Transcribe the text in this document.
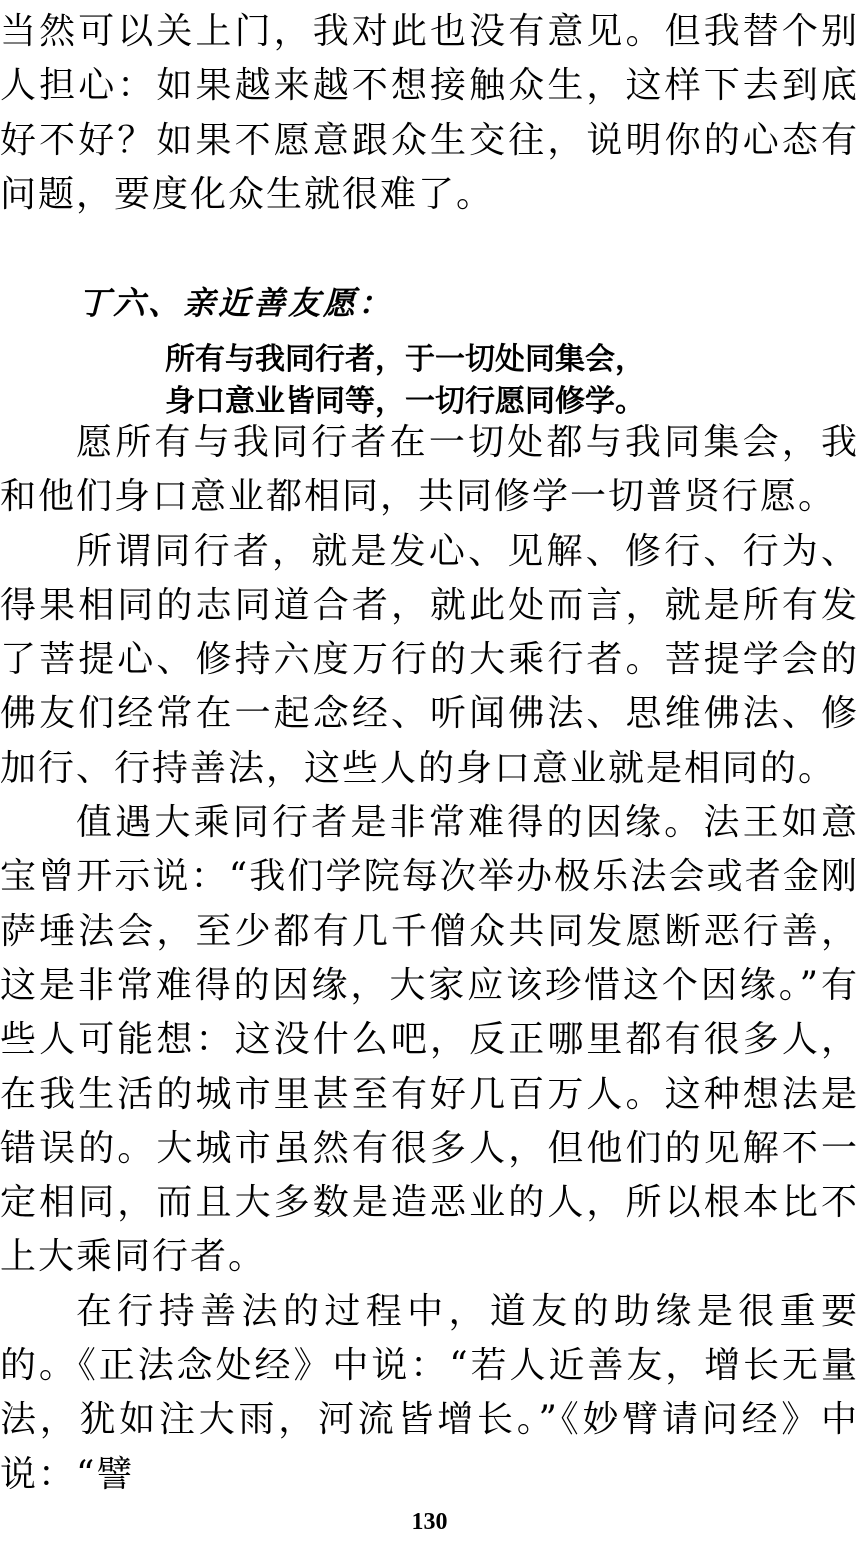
当然可以关上门，我对此也没有意见。但我替个别人担心：如果越来越不想接触众生，这样下去到底好不好？如果不愿意跟众生交往，说明你的心态有问题，要度化众生就很难了。

丁六、亲近善友愿：

所有与我同行者，于一切处同集会，

身口意业皆同等，一切行愿同修学。

愿所有与我同行者在一切处都与我同集会，我和他们身口意业都相同，共同修学一切普贤行愿。

所谓同行者，就是发心、见解、修行、行为、得果相同的志同道合者，就此处而言，就是所有发了菩提心、修持六度万行的大乘行者。菩提学会的佛友们经常在一起念经、听闻佛法、思维佛法、修加行、行持善法，这些人的身口意业就是相同的。

值遇大乘同行者是非常难得的因缘。法王如意宝曾开示说：“我们学院每次举办极乐法会或者金刚萨埵法会，至少都有几千僧众共同发愿断恶行善，这是非常难得的因缘，大家应该珍惜这个因缘。”有些人可能想：这没什么吧，反正哪里都有很多人，在我生活的城市里甚至有好几百万人。这种想法是错误的。大城市虽然有很多人，但他们的见解不一定相同，而且大多数是造恶业的人，所以根本比不上大乘同行者。

在行持善法的过程中，道友的助缘是很重要的。《正法念处经》中说：“若人近善友，增长无量法，犹如注大雨，河流皆增长。”《妙臂请问经》中说：“譬

130
